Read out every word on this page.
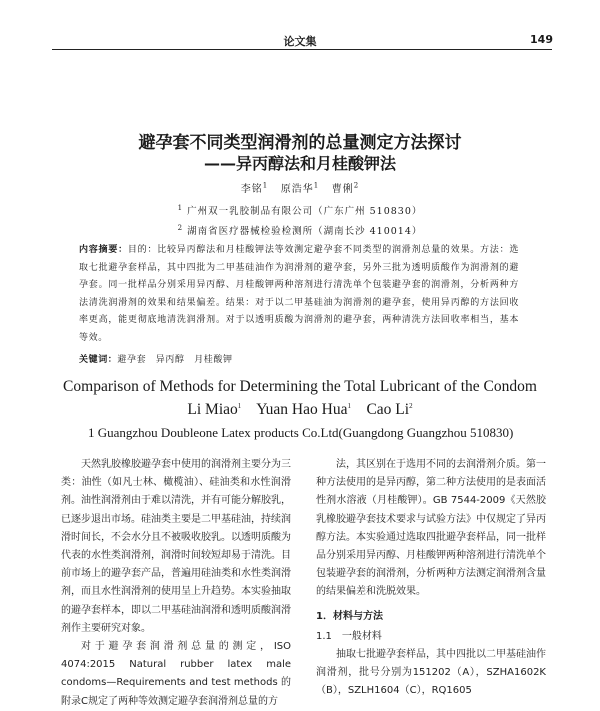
论文集	149
避孕套不同类型润滑剂的总量测定方法探讨
——异丙醇法和月桂酸钾法
李铭$^1$ 原浩华$^1$ 曹俐$^2$
$^1$ 广州双一乳胶制品有限公司（广东广州 510830）
$^2$ 湖南省医疗器械检验检测所（湖南长沙 410014）
内容摘要：目的：比较异丙醇法和月桂酸钾法等效测定避孕套不同类型的润滑剂总量的效果。方法：选取七批避孕套样品，其中四批为二甲基硅油作为润滑剂的避孕套，另外三批为透明质酸作为润滑剂的避孕套。同一批样品分别采用异丙醇、月桂酸钾两种溶剂进行清洗单个包装避孕套的润滑剂，分析两种方法清洗润滑剂的效果和结果偏差。结果：对于以二甲基硅油为润滑剂的避孕套，使用异丙醇的方法回收率更高，能更彻底地清洗润滑剂。对于以透明质酸为润滑剂的避孕套，两种清洗方法回收率相当，基本等效。
关键词：避孕套　异丙醇　月桂酸钾
Comparison of Methods for Determining the Total Lubricant of the Condom
Li Miao$^1$ Yuan Hao Hua$^1$ Cao Li$^2$
1 Guangzhou Doubleone Latex products Co.Ltd(Guangdong Guangzhou 510830)

天然乳胶橡胶避孕套中使用的润滑剂主要分为三类：油性（如凡士林、橄榄油）、硅油类和水性润滑剂。油性润滑剂由于难以清洗，并有可能分解胶乳，已逐步退出市场。硅油类主要是二甲基硅油，持续润滑时间长，不会水分且不被吸收胶乳。以透明质酸为代表的水性类润滑剂，润滑时间较短却易于清洗。目前市场上的避孕套产品，普遍用硅油类和水性类润滑剂，而且水性润滑剂的使用呈上升趋势。本实验抽取的避孕套样本，即以二甲基硅油润滑和透明质酸润滑剂作主要研究对象。

对于避孕套润滑剂总量的测定，ISO 4074:2015 Natural rubber latex male condoms—Requirements and test methods 的附录C规定了两种等效测定避孕套润滑剂总量的方

法，其区别在于选用不同的去润滑剂介质。第一种方法使用的是异丙醇，第二种方法使用的是表面活性剂水溶液（月桂酸钾）。GB 7544-2009《天然胶乳橡胶避孕套技术要求与试验方法》中仅规定了异丙醇方法。本实验通过选取四批避孕套样品，同一批样品分别采用异丙醇、月桂酸钾两种溶剂进行清洗单个包装避孕套的润滑剂，分析两种方法测定润滑剂含量的结果偏差和洗脱效果。

1．材料与方法

1.1　一般材料

抽取七批避孕套样品，其中四批以二甲基硅油作润滑剂，批号分别为151202（A），SZHA1602K（B），SZLH1604（C），RQ1605
